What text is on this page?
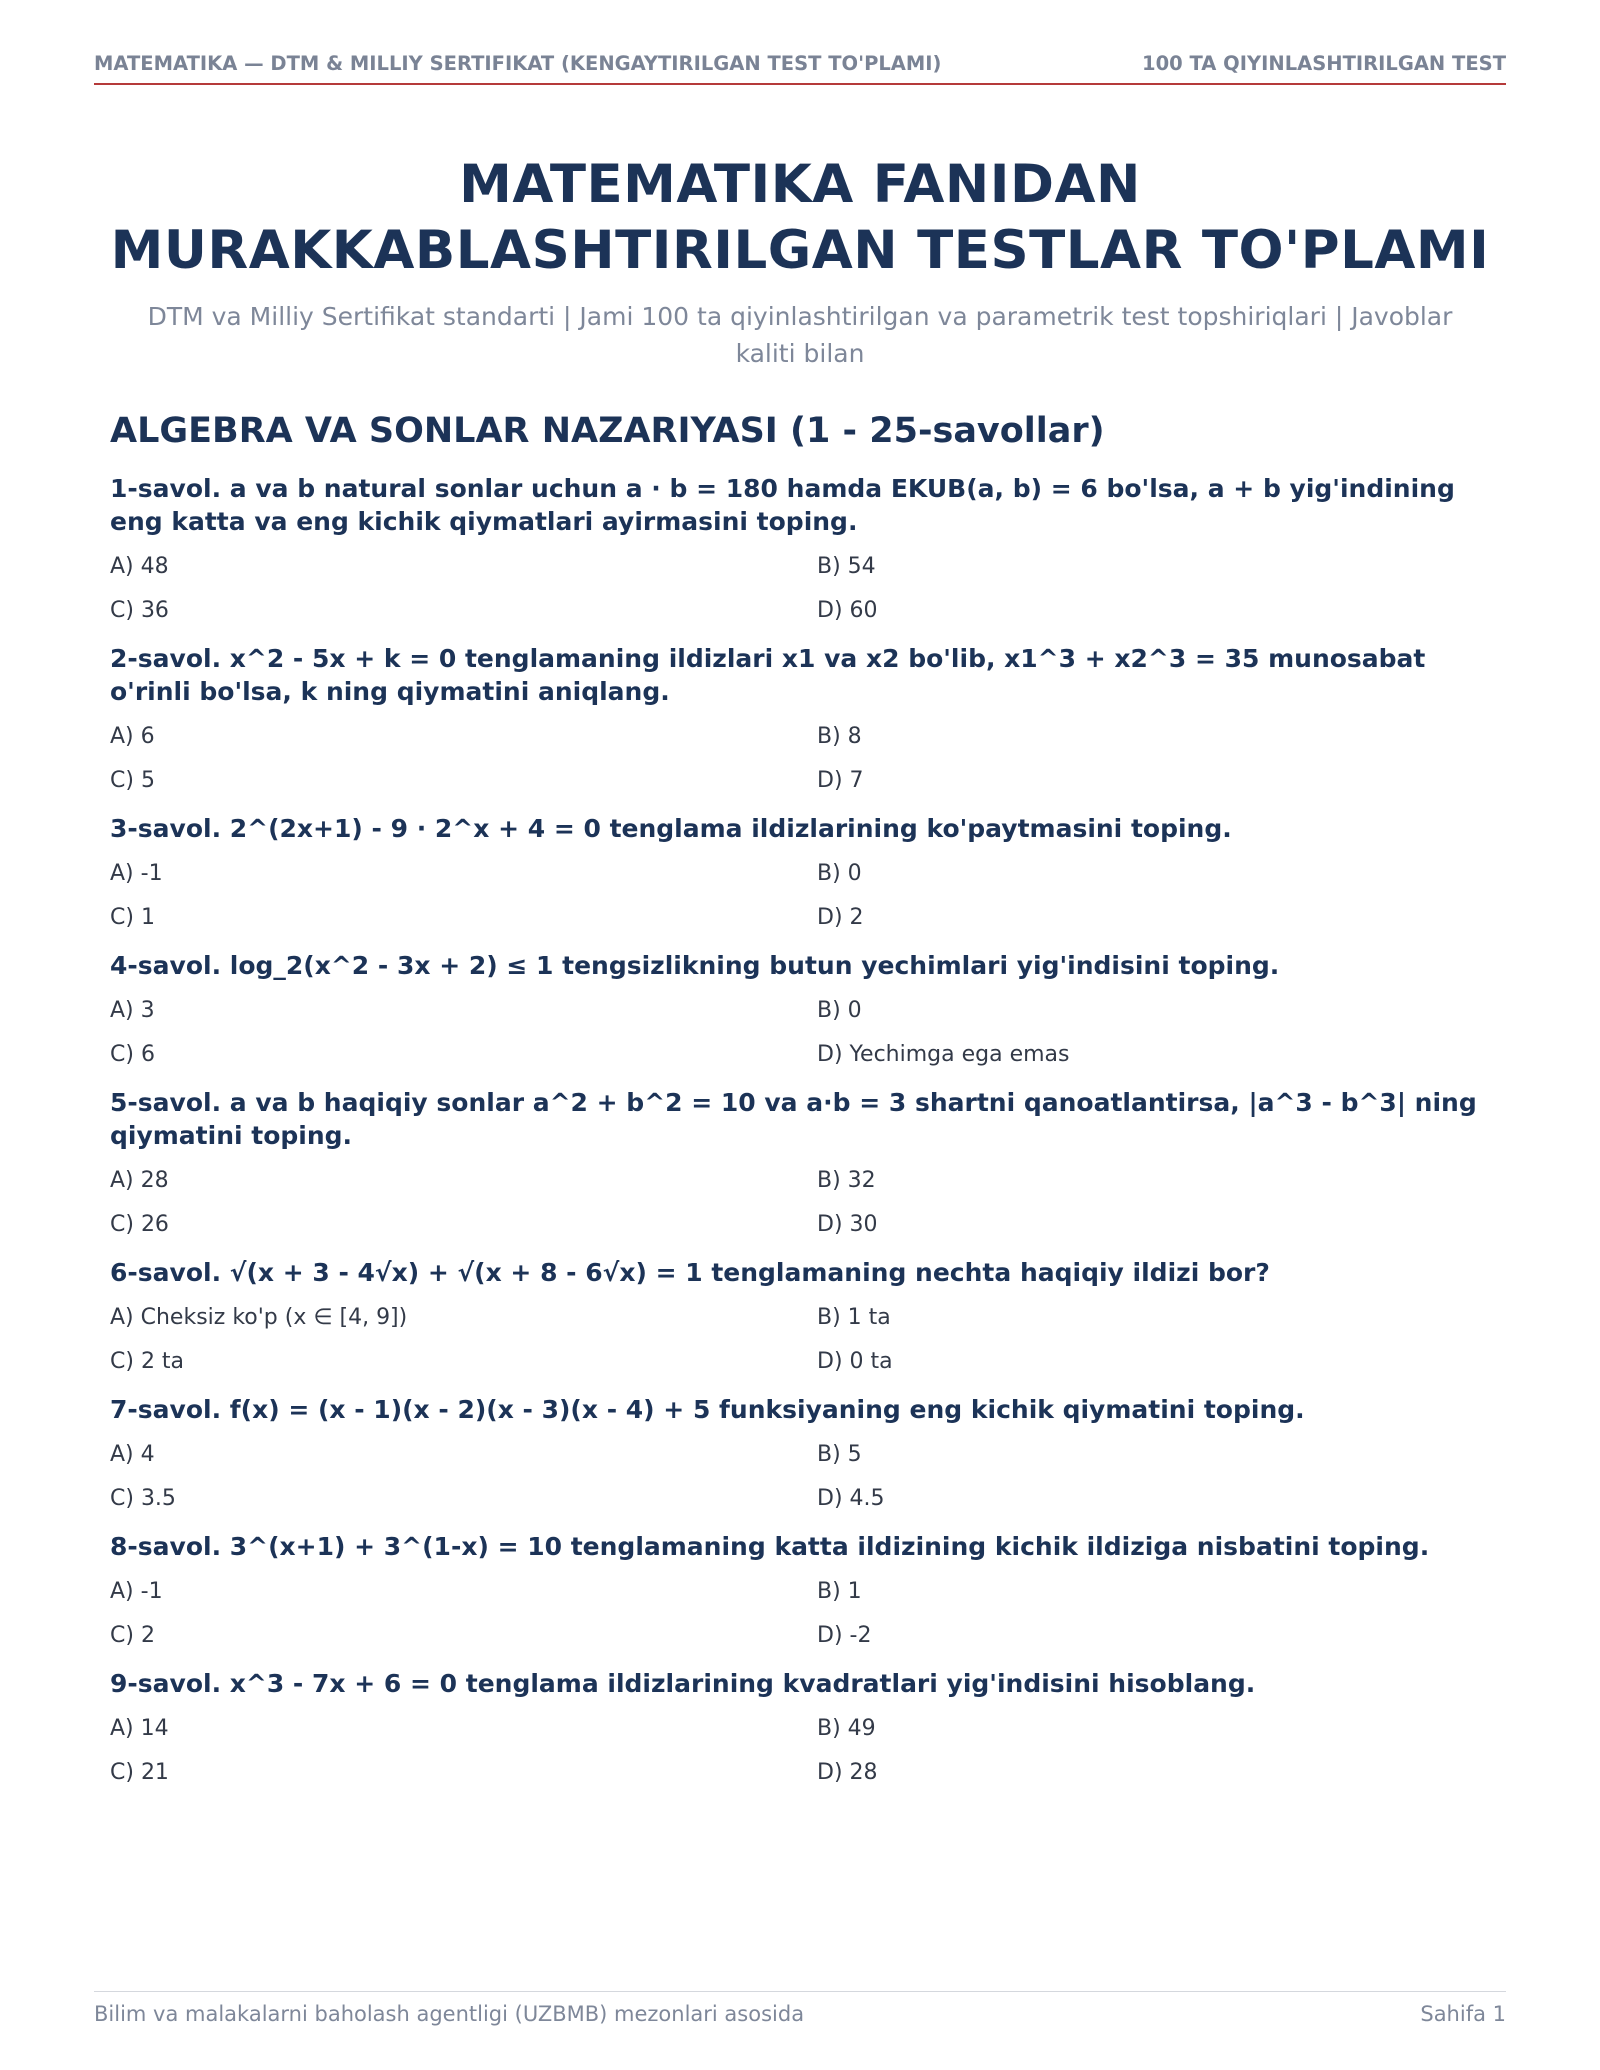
MATEMATIKA — DTM & MILLIY SERTIFIKAT (KENGAYTIRILGAN TEST TO'PLAMI)	100 TA QIYINLASHTIRILGAN TEST
MATEMATIKA FANIDAN
MURAKKABLASHTIRILGAN TESTLAR TO'PLAMI

DTM va Milliy Sertifikat standarti | Jami 100 ta qiyinlashtirilgan va parametrik test topshiriqlari | Javoblar kaliti bilan

ALGEBRA VA SONLAR NAZARIYASI (1 - 25-savollar)

1-savol. a va b natural sonlar uchun a · b = 180 hamda EKUB(a, b) = 6 bo'lsa, a + b yig'indining eng katta va eng kichik qiymatlari ayirmasini toping.

A) 48	B) 54
C) 36	D) 60

2-savol. x^2 - 5x + k = 0 tenglamaning ildizlari x1 va x2 bo'lib, x1^3 + x2^3 = 35 munosabat o'rinli bo'lsa, k ning qiymatini aniqlang.

A) 6	B) 8
C) 5	D) 7

3-savol. 2^(2x+1) - 9 · 2^x + 4 = 0 tenglama ildizlarining ko'paytmasini toping.

A) -1	B) 0
C) 1	D) 2

4-savol. log_2(x^2 - 3x + 2) ≤ 1 tengsizlikning butun yechimlari yig'indisini toping.

A) 3	B) 0
C) 6	D) Yechimga ega emas

5-savol. a va b haqiqiy sonlar a^2 + b^2 = 10 va a·b = 3 shartni qanoatlantirsa, |a^3 - b^3| ning qiymatini toping.

A) 28	B) 32
C) 26	D) 30

6-savol. √(x + 3 - 4√x) + √(x + 8 - 6√x) = 1 tenglamaning nechta haqiqiy ildizi bor?

A) Cheksiz ko'p (x ∈ [4, 9])	B) 1 ta
C) 2 ta	D) 0 ta

7-savol. f(x) = (x - 1)(x - 2)(x - 3)(x - 4) + 5 funksiyaning eng kichik qiymatini toping.

A) 4	B) 5
C) 3.5	D) 4.5

8-savol. 3^(x+1) + 3^(1-x) = 10 tenglamaning katta ildizining kichik ildiziga nisbatini toping.

A) -1	B) 1
C) 2	D) -2

9-savol. x^3 - 7x + 6 = 0 tenglama ildizlarining kvadratlari yig'indisini hisoblang.

A) 14	B) 49
C) 21	D) 28
Bilim va malakalarni baholash agentligi (UZBMB) mezonlari asosida	Sahifa 1
